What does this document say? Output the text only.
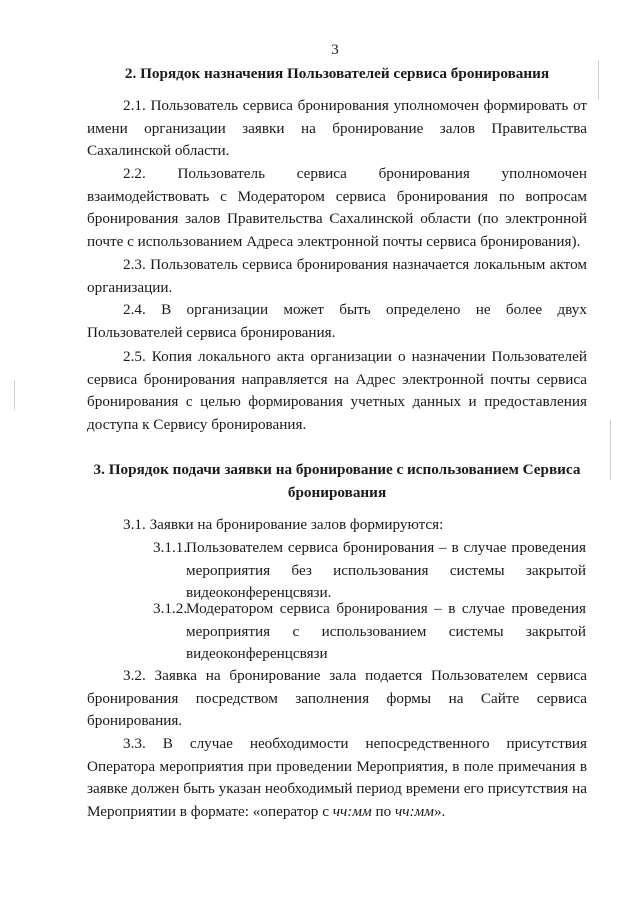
3
2. Порядок назначения Пользователей сервиса бронирования
2.1. Пользователь сервиса бронирования уполномочен формировать от имени организации заявки на бронирование залов Правительства Сахалинской области.
2.2. Пользователь сервиса бронирования уполномочен взаимодействовать с Модератором сервиса бронирования по вопросам бронирования залов Правительства Сахалинской области (по электронной почте с использованием Адреса электронной почты сервиса бронирования).
2.3. Пользователь сервиса бронирования назначается локальным актом организации.
2.4. В организации может быть определено не более двух Пользователей сервиса бронирования.
2.5. Копия локального акта организации о назначении Пользователей сервиса бронирования направляется на Адрес электронной почты сервиса бронирования с целью формирования учетных данных и предоставления доступа к Сервису бронирования.
3. Порядок подачи заявки на бронирование с использованием Сервиса
бронирования
3.1. Заявки на бронирование залов формируются:
3.1.1.
Пользователем сервиса бронирования – в случае проведения мероприятия без использования системы закрытой видеоконференцсвязи.
3.1.2.
Модератором сервиса бронирования – в случае проведения мероприятия с использованием системы закрытой видеоконференцсвязи
3.2. Заявка на бронирование зала подается Пользователем сервиса бронирования посредством заполнения формы на Сайте сервиса бронирования.
3.3. В случае необходимости непосредственного присутствия Оператора мероприятия при проведении Мероприятия, в поле примечания в заявке должен быть указан необходимый период времени его присутствия на Мероприятии в формате: «оператор с чч:мм по чч:мм».
